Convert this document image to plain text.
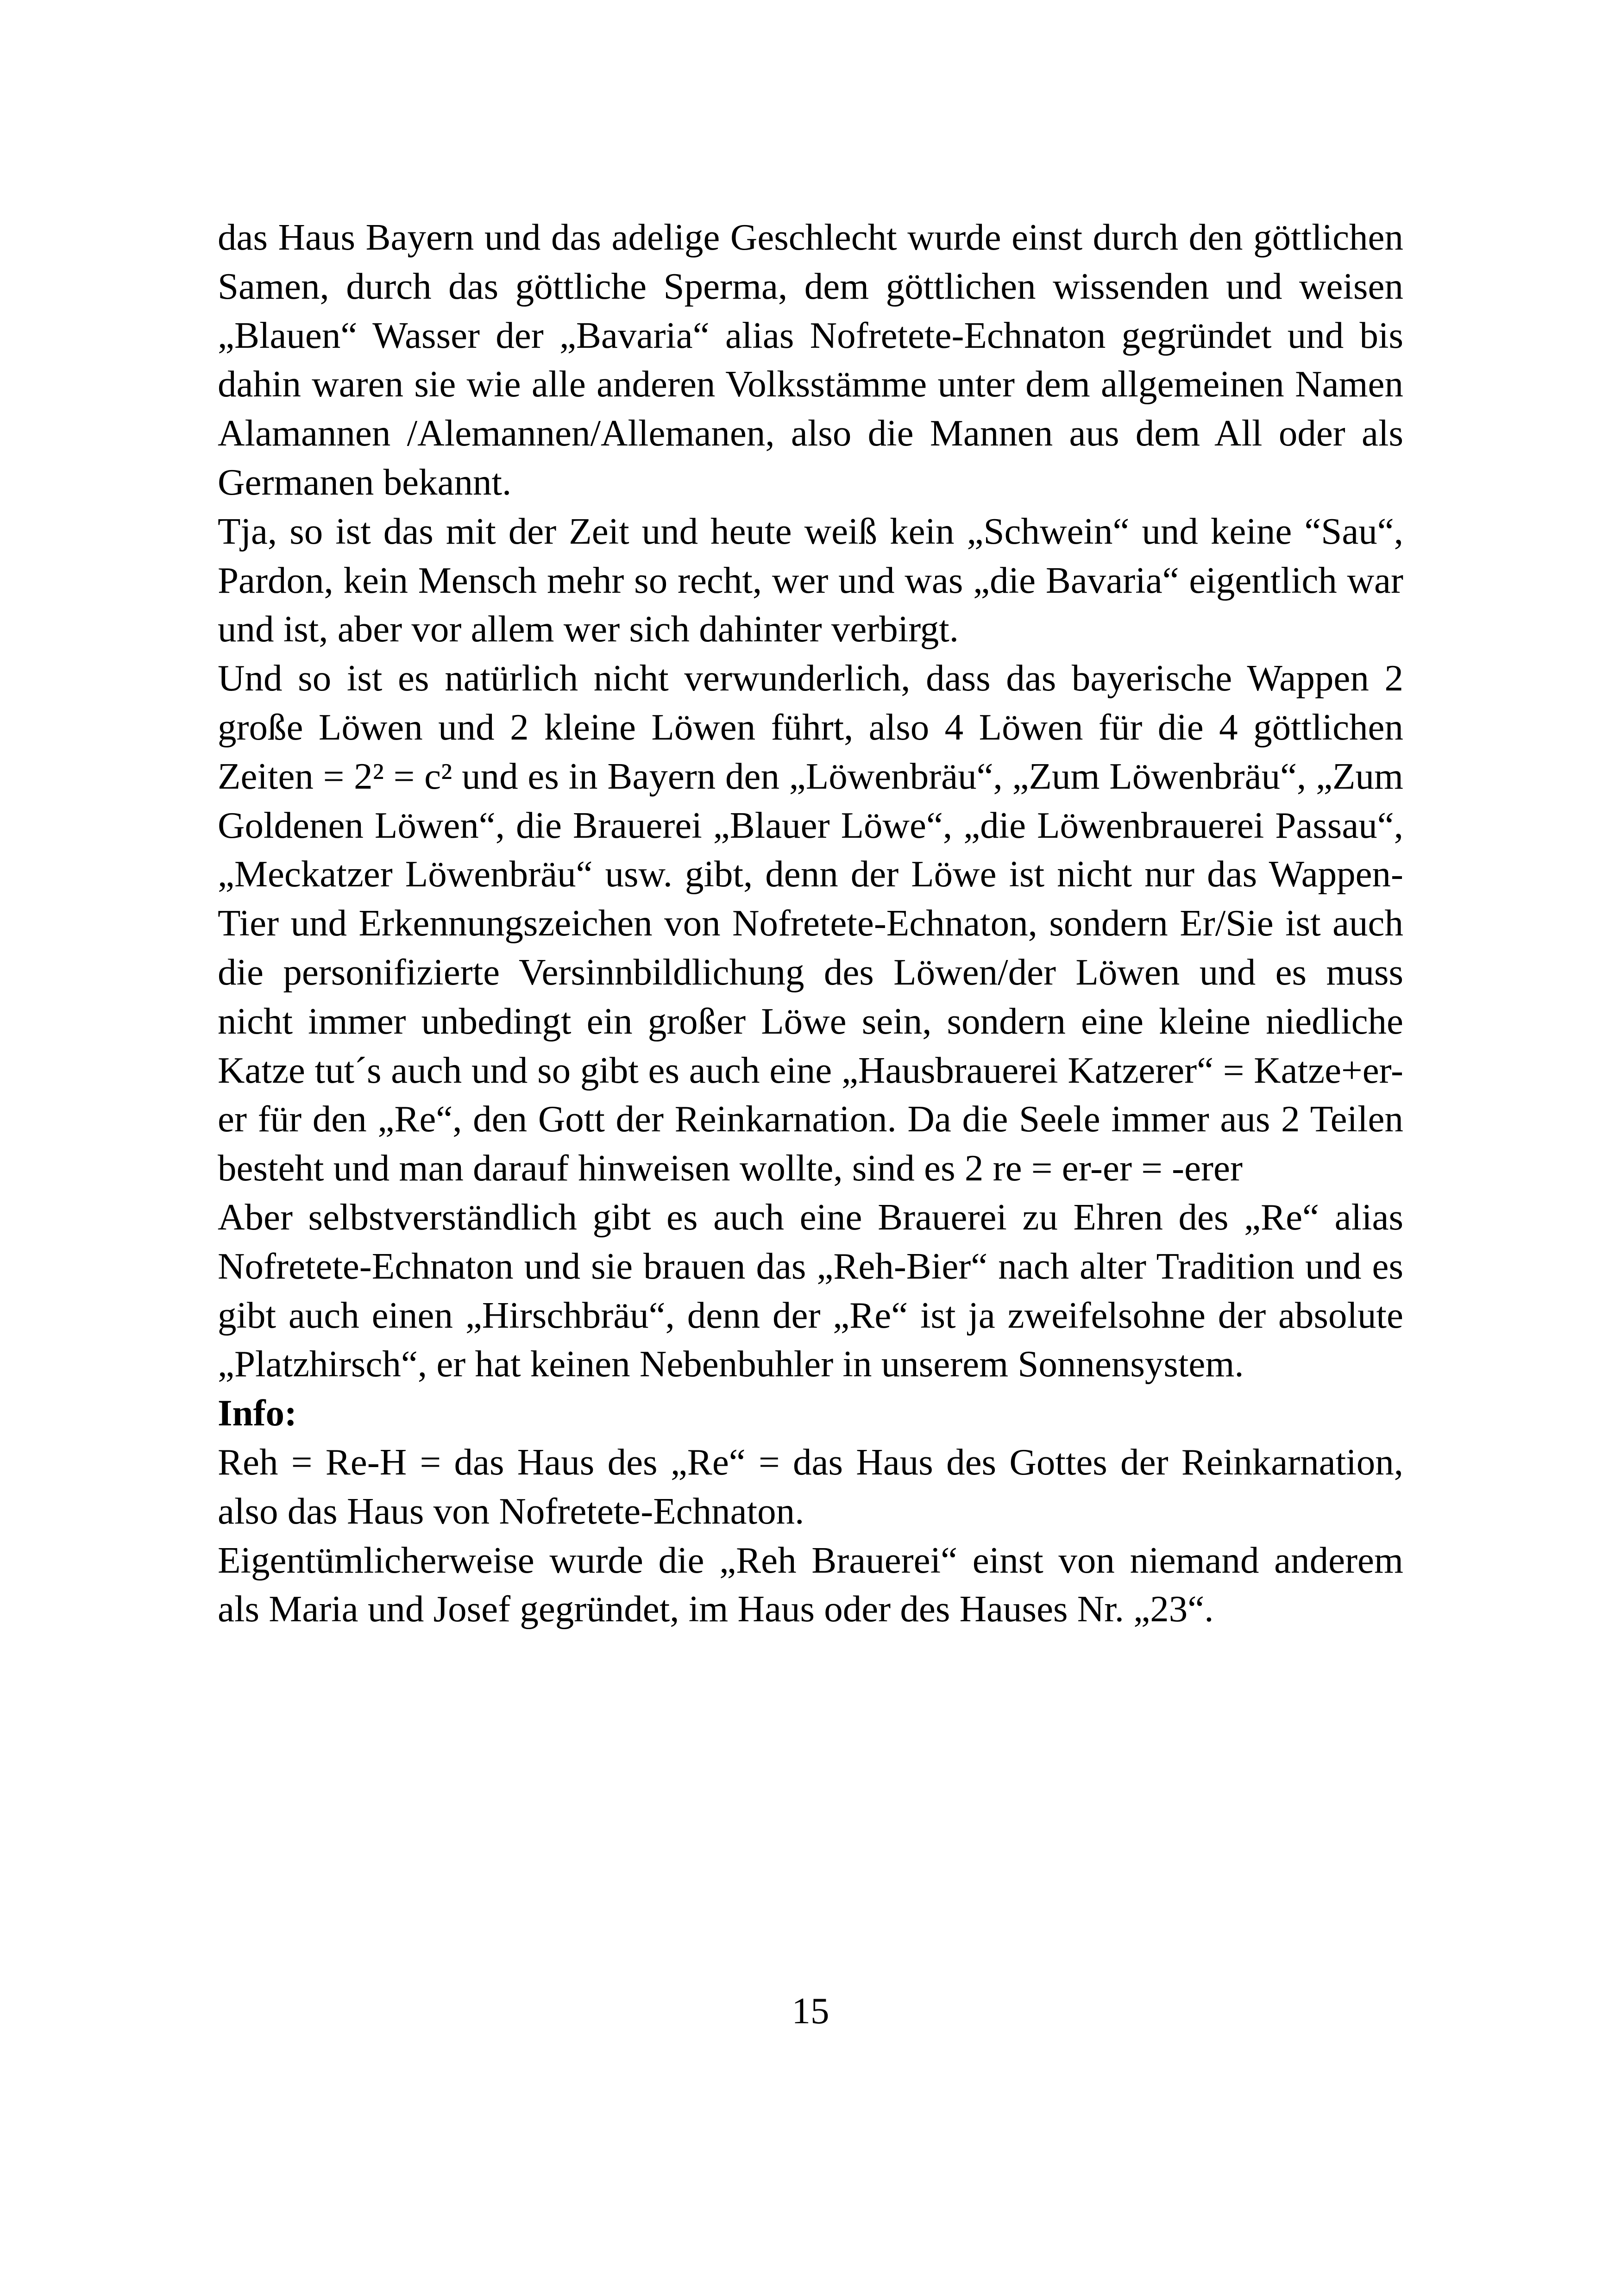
das Haus Bayern und das adelige Geschlecht wurde einst durch den göttlichen Samen, durch das göttliche Sperma, dem göttlichen wissenden und weisen „Blauen“ Wasser der „Bavaria“ alias Nofretete-Echnaton gegründet und bis dahin waren sie wie alle anderen Volksstämme unter dem allgemeinen Namen Alamannen /Alemannen/Allemanen, also die Mannen aus dem All oder als Germanen bekannt.

Tja, so ist das mit der Zeit und heute weiß kein „Schwein“ und keine “Sau“, Pardon, kein Mensch mehr so recht, wer und was „die Bavaria“ eigentlich war und ist, aber vor allem wer sich dahinter verbirgt.

Und so ist es natürlich nicht verwunderlich, dass das bayerische Wappen 2 große Löwen und 2 kleine Löwen führt, also 4 Löwen für die 4 göttlichen Zeiten = 2² = c² und es in Bayern den „Löwenbräu“, „Zum Löwenbräu“, „Zum Goldenen Löwen“, die Brauerei „Blauer Löwe“, „die Löwenbrauerei Passau“, „Meckatzer Löwenbräu“ usw. gibt, denn der Löwe ist nicht nur das Wappen-Tier und Erkennungszeichen von Nofretete-Echnaton, sondern Er/Sie ist auch die personifizierte Versinnbildlichung des Löwen/der Löwen und es muss nicht immer unbedingt ein großer Löwe sein, sondern eine kleine niedliche Katze tut´s auch und so gibt es auch eine „Hausbrauerei Katzerer“ = Katze+er-er für den „Re“, den Gott der Reinkarnation. Da die Seele immer aus 2 Teilen besteht und man darauf hinweisen wollte, sind es 2 re = er-er = -erer

Aber selbstverständlich gibt es auch eine Brauerei zu Ehren des „Re“ alias Nofretete-Echnaton und sie brauen das „Reh-Bier“ nach alter Tradition und es gibt auch einen „Hirschbräu“, denn der „Re“ ist ja zweifelsohne der absolute „Platzhirsch“, er hat keinen Nebenbuhler in unserem Sonnensystem.

Info:

Reh = Re-H = das Haus des „Re“ = das Haus des Gottes der Reinkarnation, also das Haus von Nofretete-Echnaton.

Eigentümlicherweise wurde die „Reh Brauerei“ einst von niemand anderem als Maria und Josef gegründet, im Haus oder des Hauses Nr. „23“.

15
